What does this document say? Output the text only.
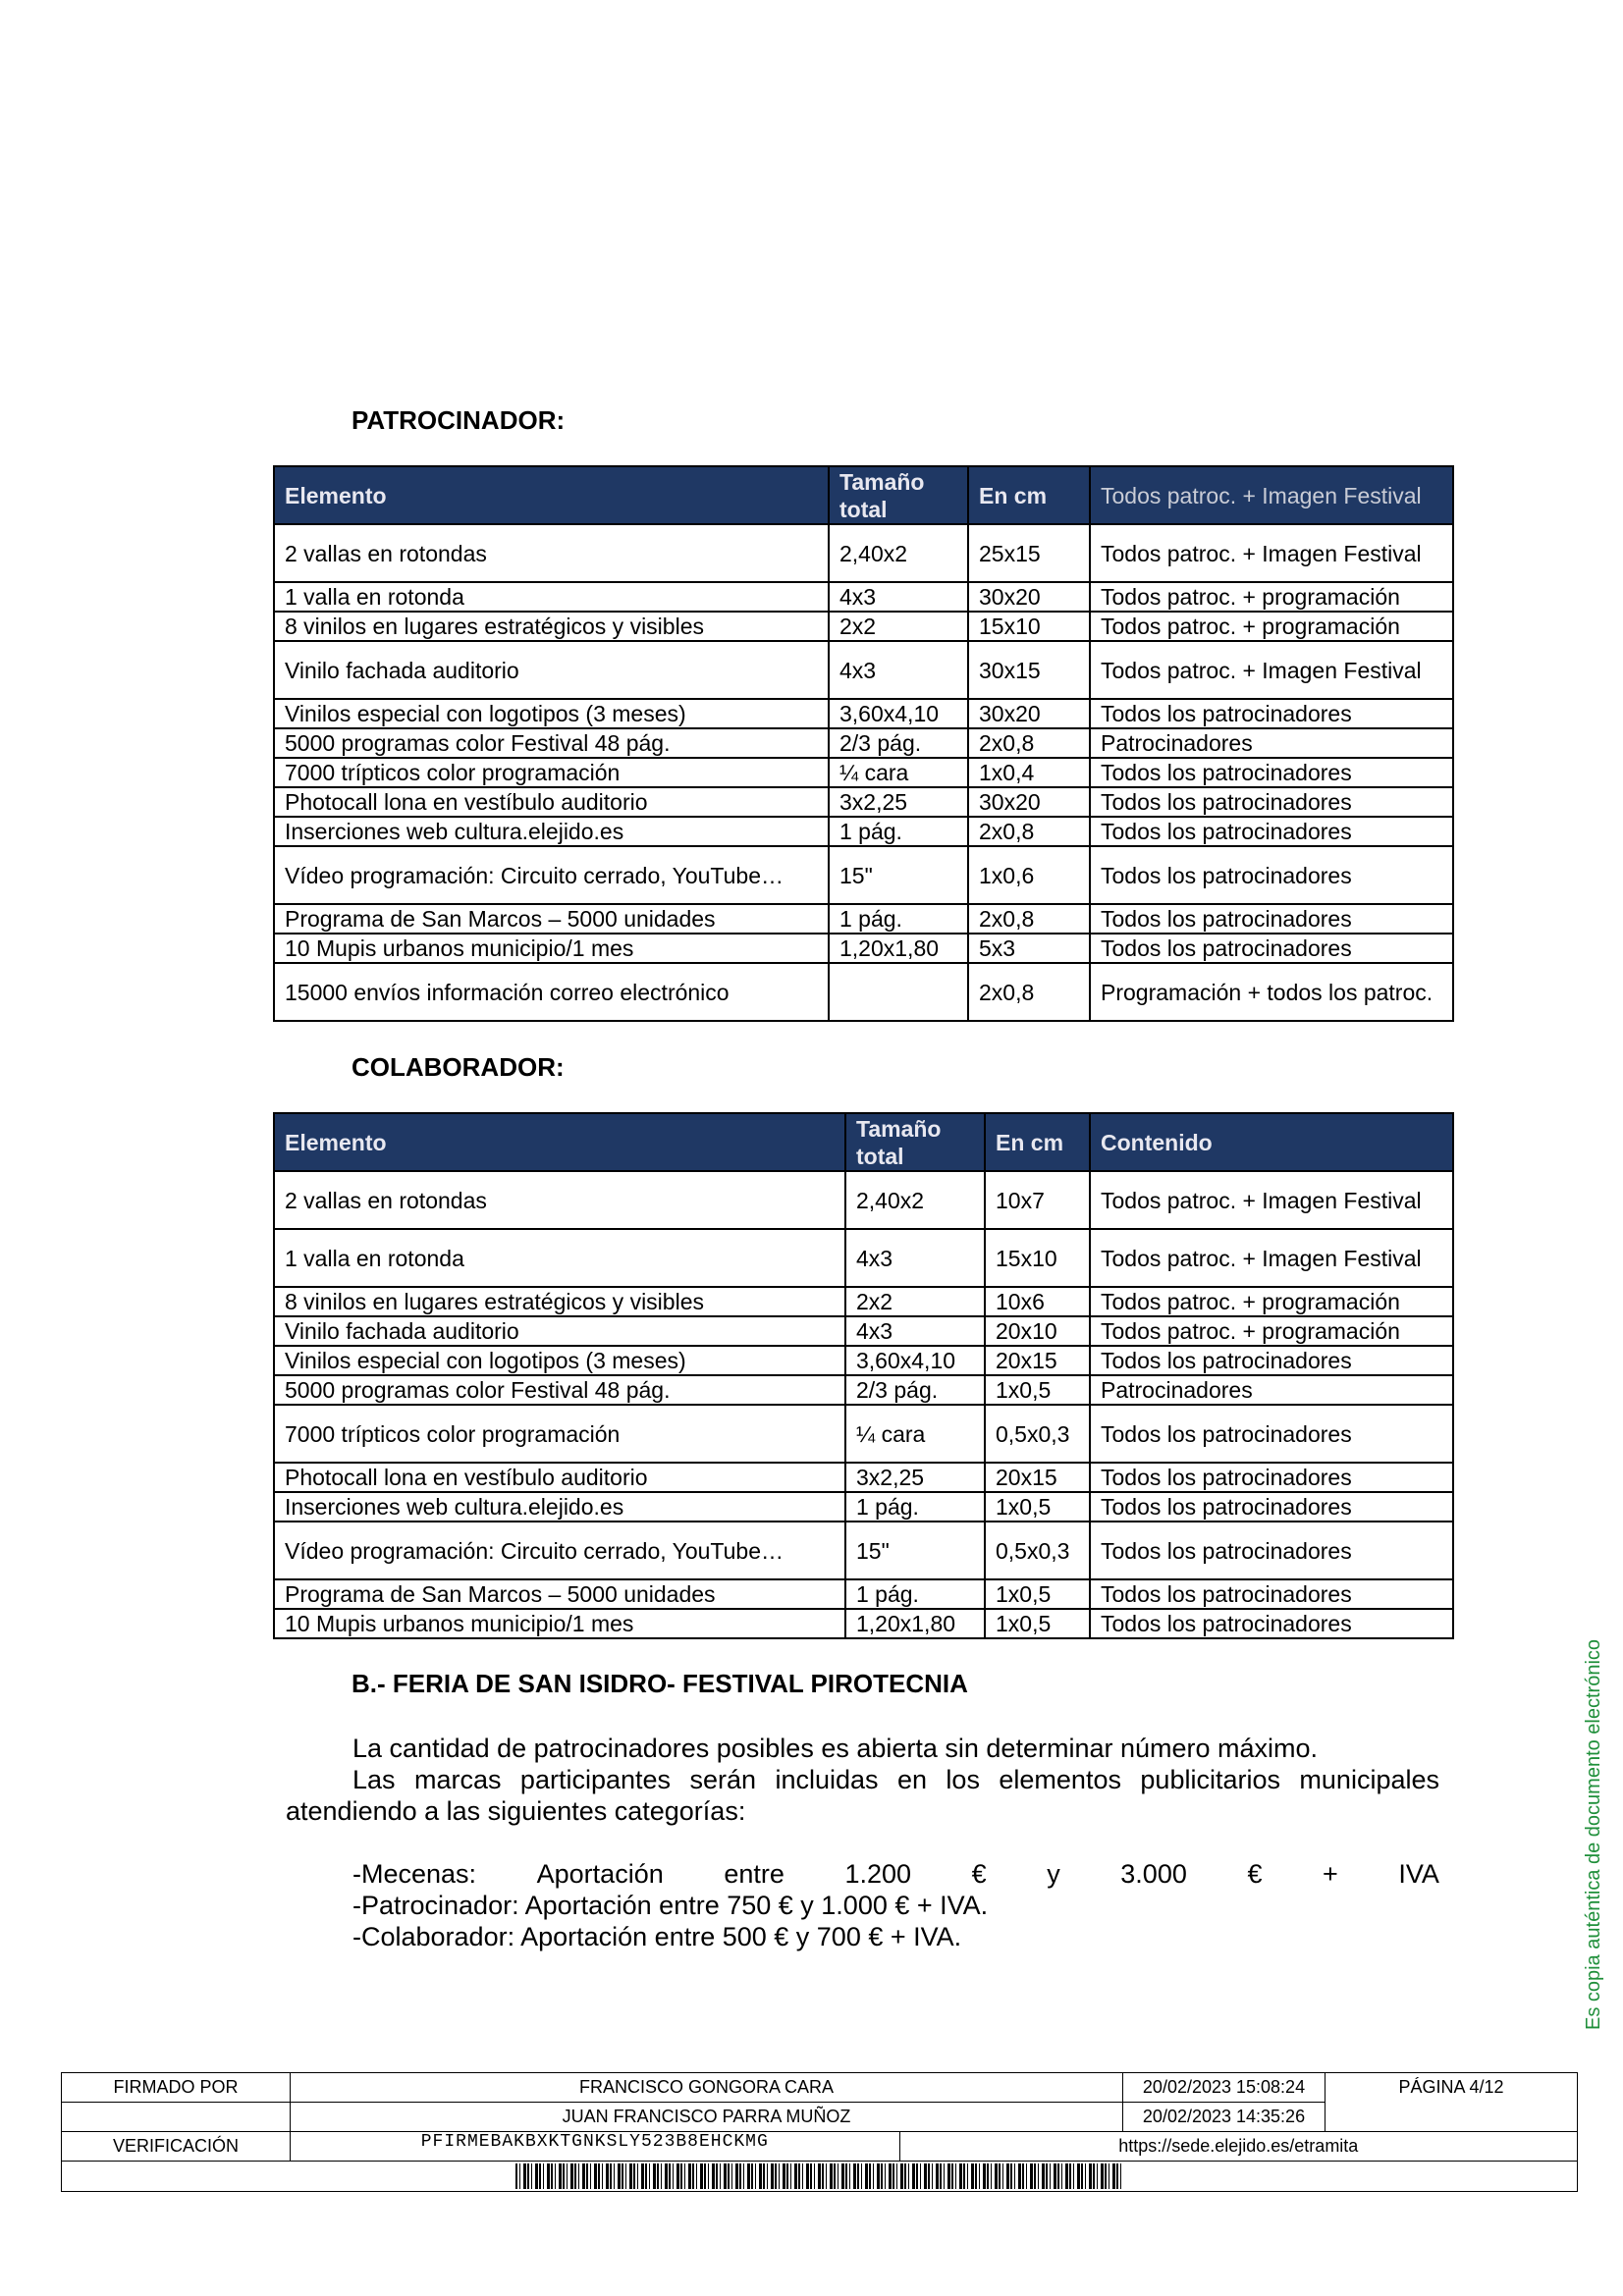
PATROCINADOR:
Elemento	Tamaño total	En cm	Todos patroc. + Imagen Festival
2 vallas en rotondas	2,40x2	25x15	Todos patroc. + Imagen Festival
1 valla en rotonda	4x3	30x20	Todos patroc. + programación
8 vinilos en lugares estratégicos y visibles	2x2	15x10	Todos patroc. + programación
Vinilo fachada auditorio	4x3	30x15	Todos patroc. + Imagen Festival
Vinilos especial con logotipos (3 meses)	3,60x4,10	30x20	Todos los patrocinadores
5000 programas color Festival 48 pág.	2/3 pág.	2x0,8	Patrocinadores
7000 trípticos color programación	¼ cara	1x0,4	Todos los patrocinadores
Photocall lona en vestíbulo auditorio	3x2,25	30x20	Todos los patrocinadores
Inserciones web cultura.elejido.es	1 pág.	2x0,8	Todos los patrocinadores
Vídeo programación: Circuito cerrado, YouTube…	15"	1x0,6	Todos los patrocinadores
Programa de San Marcos – 5000 unidades	1 pág.	2x0,8	Todos los patrocinadores
10 Mupis urbanos municipio/1 mes	1,20x1,80	5x3	Todos los patrocinadores
15000 envíos información correo electrónico		2x0,8	Programación + todos los patroc.
COLABORADOR:
Elemento	Tamaño total	En cm	Contenido
2 vallas en rotondas	2,40x2	10x7	Todos patroc. + Imagen Festival
1 valla en rotonda	4x3	15x10	Todos patroc. + Imagen Festival
8 vinilos en lugares estratégicos y visibles	2x2	10x6	Todos patroc. + programación
Vinilo fachada auditorio	4x3	20x10	Todos patroc. + programación
Vinilos especial con logotipos (3 meses)	3,60x4,10	20x15	Todos los patrocinadores
5000 programas color Festival 48 pág.	2/3 pág.	1x0,5	Patrocinadores
7000 trípticos color programación	¼ cara	0,5x0,3	Todos los patrocinadores
Photocall lona en vestíbulo auditorio	3x2,25	20x15	Todos los patrocinadores
Inserciones web cultura.elejido.es	1 pág.	1x0,5	Todos los patrocinadores
Vídeo programación: Circuito cerrado, YouTube…	15"	0,5x0,3	Todos los patrocinadores
Programa de San Marcos – 5000 unidades	1 pág.	1x0,5	Todos los patrocinadores
10 Mupis urbanos municipio/1 mes	1,20x1,80	1x0,5	Todos los patrocinadores
B.- FERIA DE SAN ISIDRO- FESTIVAL PIROTECNIA

La cantidad de patrocinadores posibles es abierta sin determinar número máximo.

Las marcas participantes serán incluidas en los elementos publicitarios municipales atendiendo a las siguientes categorías:

-Mecenas: Aportación entre 1.200 € y 3.000 € + IVA

-Patrocinador: Aportación entre 750 € y 1.000 € + IVA.

-Colaborador: Aportación entre 500 € y 700 € + IVA.	Es copia auténtica de documento electrónico
FIRMADO POR	FRANCISCO GONGORA CARA	20/02/2023 15:08:24	PÁGINA 4/12
	JUAN FRANCISCO PARRA MUÑOZ	20/02/2023 14:35:26	
VERIFICACIÓN	PFIRMEBAKBXKTGNKSLY523B8EHCKMG https://sede.elejido.es/etramita		
